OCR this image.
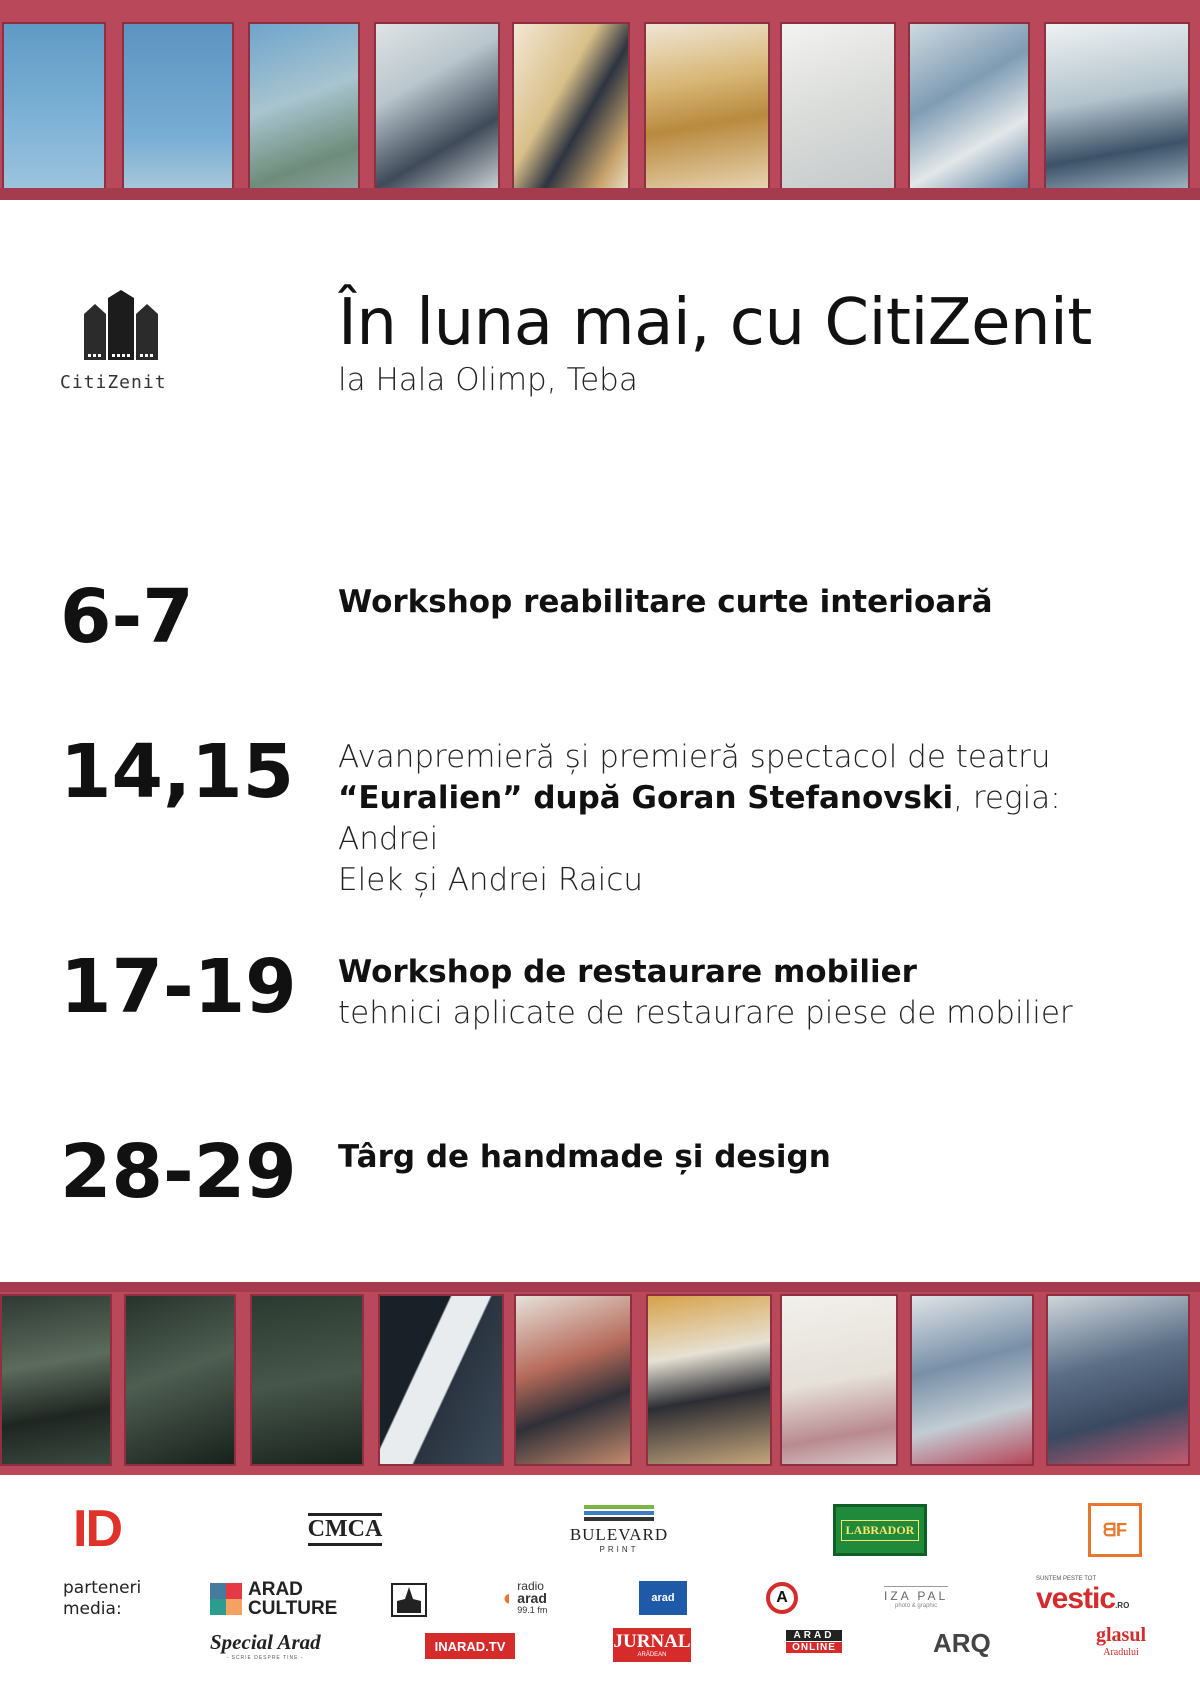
CitiZenit
În luna mai, cu CitiZenit
la Hala Olimp, Teba
6-7	Workshop reabilitare curte interioară
14,15 Avanpremieră și premieră spectacol de teatru
“Euralien” după Goran Stefanovski, regia: Andrei
Elek și Andrei Raicu
17-19 Workshop de restaurare mobilier
tehnici aplicate de restaurare piese de mobilier
28-29 Târg de handmade și design
ID	CMCA	BULEVARD
PRINT
LABRADOR	ᗺF
parteneri
media:
ARAD
CULTURE	◖ radio
arad
99.1 fm
arad	A	IZA PAL
photo & graphic
SUNTEM PESTE TOT
vestic.RO
Special Arad
- SCRIE DESPRE TINE -
INARAD.TV	JURNAL
ARĂDEAN
ARAD
ONLINE	ARQ	glasul
Aradului
